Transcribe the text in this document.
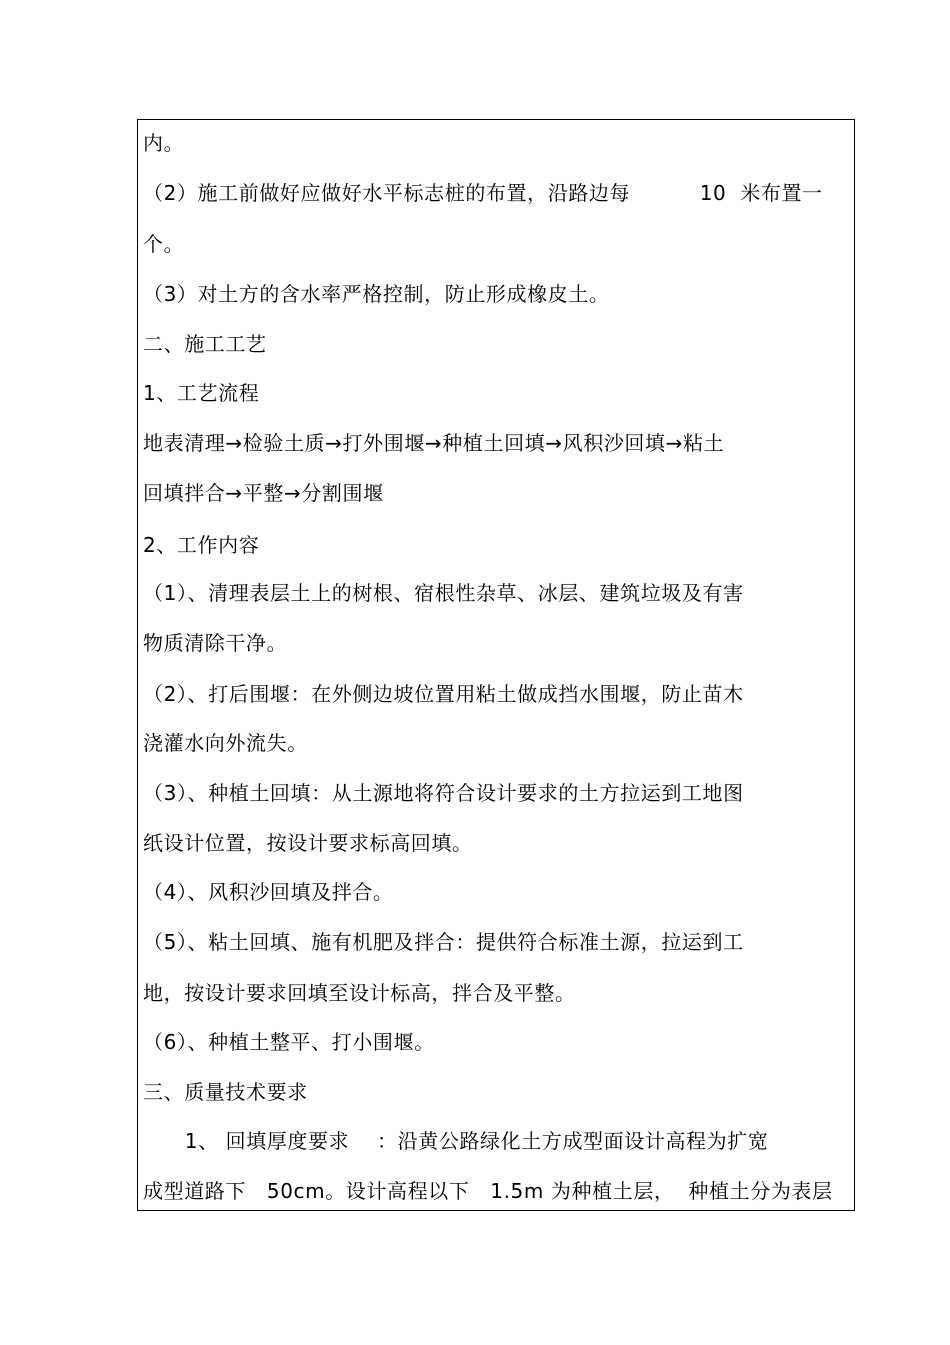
内。
（2）施工前做好应做好水平标志桩的布置，沿路边每          10  米布置一
个。
（3）对土方的含水率严格控制，防止形成橡皮土。
二、施工工艺
1、工艺流程
地表清理→检验土质→打外围堰→种植土回填→风积沙回填→粘土
回填拌合→平整→分割围堰
2、工作内容
（1）、清理表层土上的树根、宿根性杂草、冰层、建筑垃圾及有害
物质清除干净。
（2）、打后围堰：在外侧边坡位置用粘土做成挡水围堰，防止苗木
浇灌水向外流失。
（3）、种植土回填：从土源地将符合设计要求的土方拉运到工地图
纸设计位置，按设计要求标高回填。
（4）、风积沙回填及拌合。
（5）、粘土回填、施有机肥及拌合：提供符合标准土源，拉运到工
地，按设计要求回填至设计标高，拌合及平整。
（6）、种植土整平、打小围堰。
三、质量技术要求
1、 回填厚度要求    ：沿黄公路绿化土方成型面设计高程为扩宽
成型道路下   50cm。设计高程以下   1.5m 为种植土层，  种植土分为表层
